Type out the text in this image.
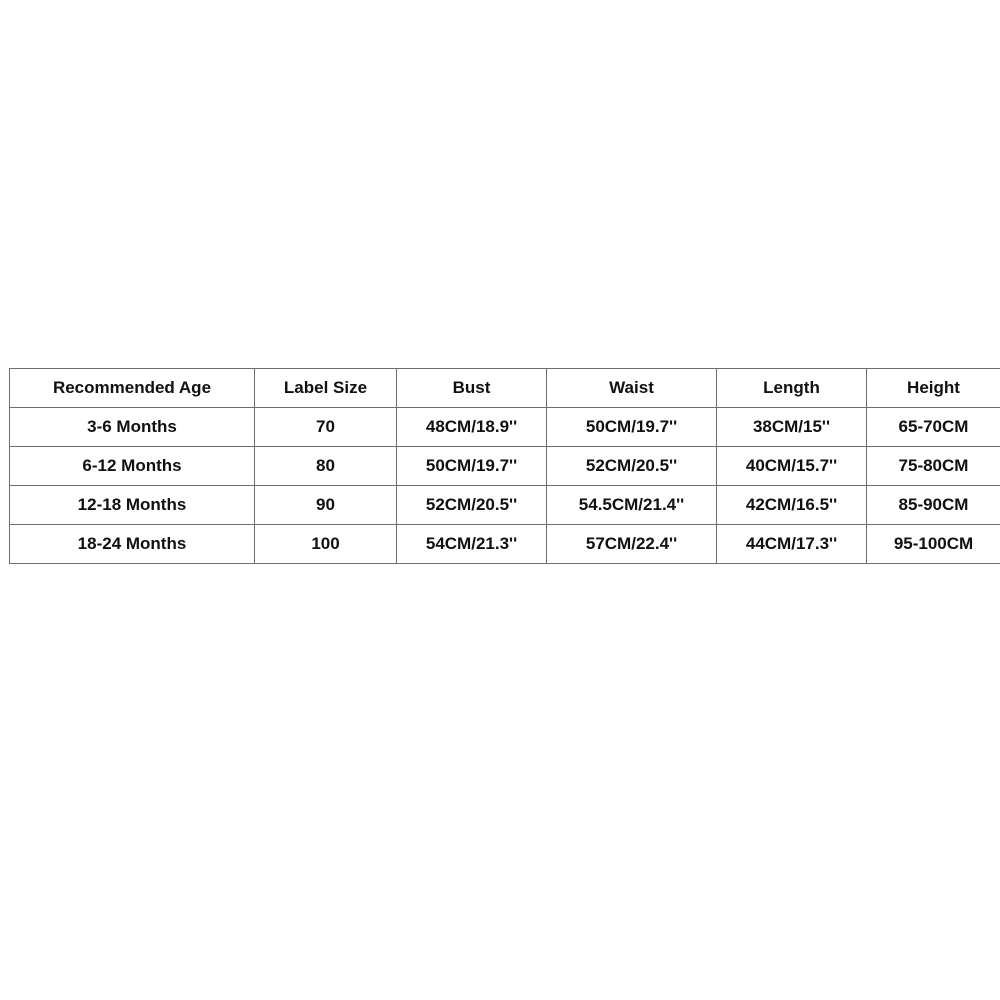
Recommended Age	Label Size	Bust	Waist	Length	Height
3-6 Months	70	48CM/18.9''	50CM/19.7''	38CM/15''	65-70CM
6-12 Months	80	50CM/19.7''	52CM/20.5''	40CM/15.7''	75-80CM
12-18 Months	90	52CM/20.5''	54.5CM/21.4''	42CM/16.5''	85-90CM
18-24 Months	100	54CM/21.3''	57CM/22.4''	44CM/17.3''	95-100CM
